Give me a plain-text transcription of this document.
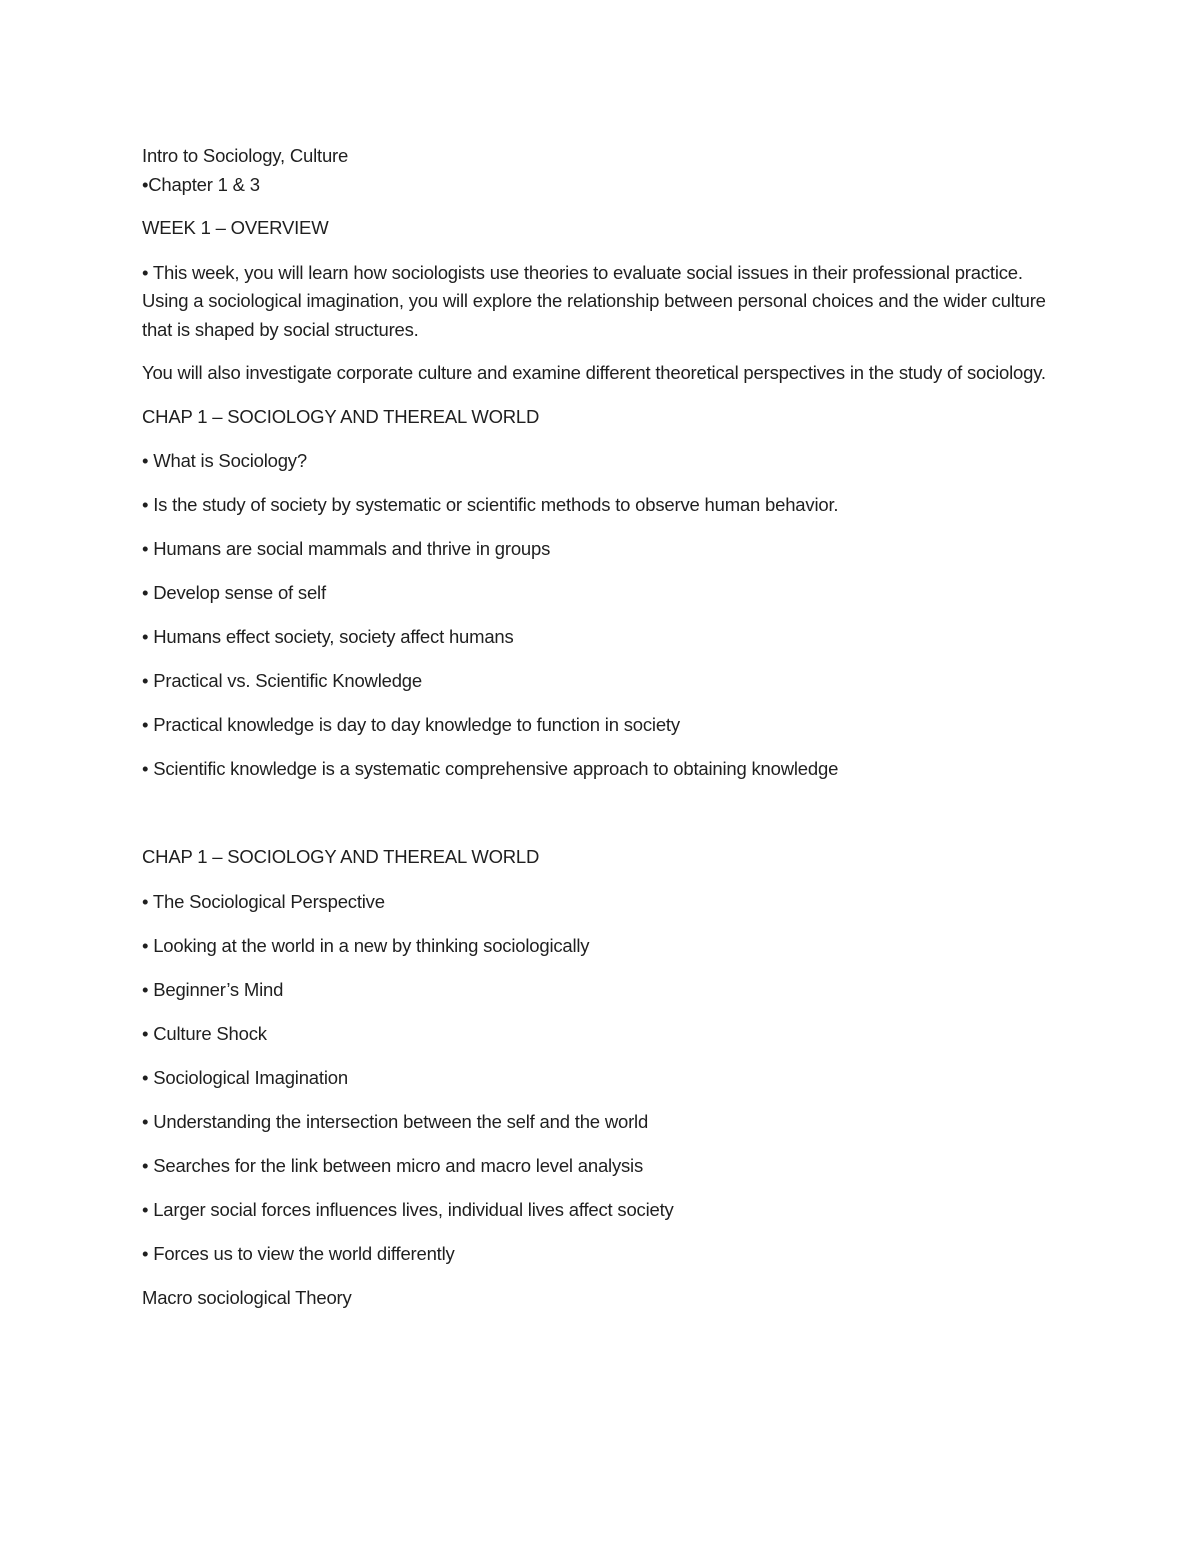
Intro to Sociology, Culture
•Chapter 1 & 3
WEEK 1 – OVERVIEW
• This week, you will learn how sociologists use theories to evaluate social issues in their professional practice. Using a sociological imagination, you will explore the relationship between personal choices and the wider culture that is shaped by social structures.
You will also investigate corporate culture and examine different theoretical perspectives in the study of sociology.
CHAP 1 – SOCIOLOGY AND THEREAL WORLD
• What is Sociology?
• Is the study of society by systematic or scientific methods to observe human behavior.
• Humans are social mammals and thrive in groups
• Develop sense of self
• Humans effect society, society affect humans
• Practical vs. Scientific Knowledge
• Practical knowledge is day to day knowledge to function in society
• Scientific knowledge is a systematic comprehensive approach to obtaining knowledge
CHAP 1 – SOCIOLOGY AND THEREAL WORLD
• The Sociological Perspective
• Looking at the world in a new by thinking sociologically
• Beginner’s Mind
• Culture Shock
• Sociological Imagination
• Understanding the intersection between the self and the world
• Searches for the link between micro and macro level analysis
• Larger social forces influences lives, individual lives affect society
• Forces us to view the world differently
Macro sociological Theory
